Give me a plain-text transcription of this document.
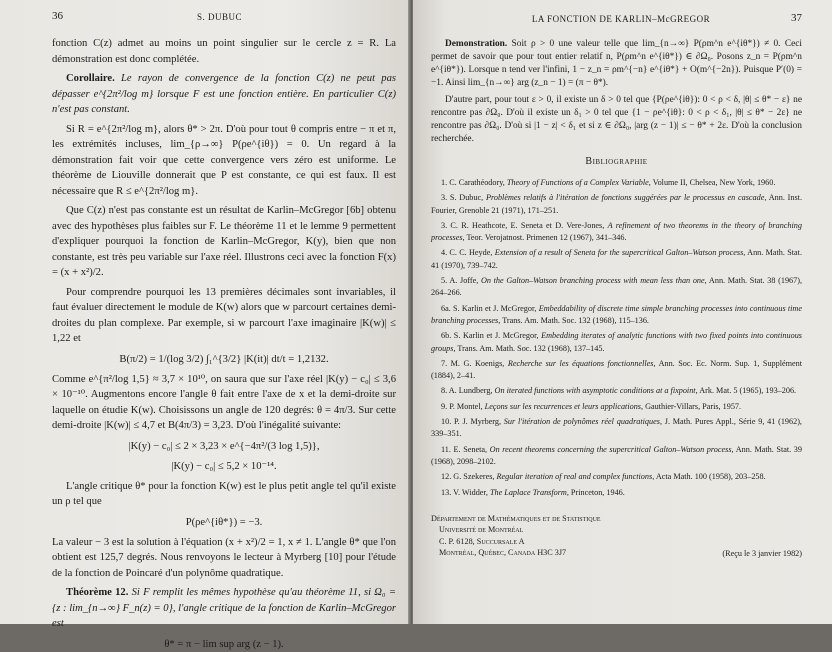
36	S. DUBUC

fonction C(z) admet au moins un point singulier sur le cercle z = R. La démonstration est donc complétée.

Corollaire. Le rayon de convergence de la fonction C(z) ne peut pas dépasser e^{2π²/log m} lorsque F est une fonction entière. En particulier C(z) n'est pas constant.

Si R = e^{2π²/log m}, alors θ* > 2π. D'où pour tout θ compris entre − π et π, les extrémités incluses, lim_{ρ→∞} P(ρe^{iθ}) = 0. Un regard à la démonstration fait voir que cette convergence vers zéro est uniforme. Le théorème de Liouville donnerait que P est constante, ce qui est faux. Il est nécessaire que R ≤ e^{2π²/log m}.

Que C(z) n'est pas constante est un résultat de Karlin–McGregor [6b] obtenu avec des hypothèses plus faibles sur F. Le théorème 11 et le lemme 9 permettent d'expliquer pourquoi la fonction de Karlin–McGregor, K(y), bien que non constante, est très peu variable sur l'axe réel. Illustrons ceci avec la fonction F(x) = (x + x²)/2.

Pour comprendre pourquoi les 13 premières décimales sont invariables, il faut évaluer directement le module de K(w) alors que w parcourt certaines demi-droites du plan complexe. Par exemple, si w parcourt l'axe imaginaire |K(w)| ≤ 1,22 et

B(π/2) = 1/(log 3/2) ∫₁^{3/2} |K(it)| dt/t = 1,2132.

Comme e^{π²/log 1,5} ≈ 3,7 × 10¹⁰, on saura que sur l'axe réel |K(y) − c₀| ≤ 3,6 × 10⁻¹⁰. Augmentons encore l'angle θ fait entre l'axe de x et la demi-droite sur laquelle on étudie K(w). Choisissons un angle de 120 degrés: θ = 4π/3. Sur cette demi-droite |K(w)| ≤ 4,7 et B(4π/3) = 3,23. D'où l'inégalité suivante:

|K(y) − c₀| ≤ 2 × 3,23 × e^{−4π²/(3 log 1,5)},
|K(y) − c₀| ≤ 5,2 × 10⁻¹⁴.

L'angle critique θ* pour la fonction K(w) est le plus petit angle tel qu'il existe un ρ tel que

P(ρe^{iθ*}) = −3.

La valeur − 3 est la solution à l'équation (x + x²)/2 = 1, x ≠ 1. L'angle θ* que l'on obtient est 125,7 degrés. Nous renvoyons le lecteur à Myrberg [10] pour l'étude de la fonction de Poincaré d'un polynôme quadratique.

Théorème 12. Si F remplit les mêmes hypothèse qu'au théorème 11, si Ω₀ = {z : lim_{n→∞} F_n(z) = 0}, l'angle critique de la fonction de Karlin–McGregor est

θ* = π − lim sup arg (z − 1).
LA FONCTION DE KARLIN–McGREGOR	37

Demonstration. Soit ρ > 0 une valeur telle que lim_{n→∞} P(ρm^n e^{iθ*}) ≠ 0. Ceci permet de savoir que pour tout entier relatif n, P(ρm^n e^{iθ*}) ∈ ∂Ω₀. Posons z_n = P(ρm^n e^{iθ*}). Lorsque n tend ver l'infini, 1 − z_n = ρm^{−n} e^{iθ*} + O(m^{−2n}). Puisque P′(0) = −1. Ainsi lim_{n→∞} arg (z_n − 1) = (π − θ*).

D'autre part, pour tout ε > 0, il existe un δ > 0 tel que {P(ρe^{iθ}): 0 < ρ < δ, |θ| ≤ θ* − ε} ne rencontre pas ∂Ω₀. D'où il existe un δ₁ > 0 tel que {1 − ρe^{iθ}: 0 < ρ < δ₁, |θ| ≤ θ* − 2ε} ne rencontre pas ∂Ω₀. D'où si |1 − z| < δ₁ et si z ∈ ∂Ω₀, |arg (z − 1)| ≤ − θ* + 2ε. D'où la conclusion recherchée.

Bibliographie

1. C. Carathéodory, Theory of Functions of a Complex Variable, Volume II, Chelsea, New York, 1960.

3. S. Dubuc, Problèmes relatifs à l'itération de fonctions suggérées par le processus en cascade, Ann. Inst. Fourier, Grenoble 21 (1971), 171–251.

3. C. R. Heathcote, E. Seneta et D. Vere-Jones, A refinement of two theorems in the theory of branching processes, Teor. Verojatnost. Primenen 12 (1967), 341–346.

4. C. C. Heyde, Extension of a result of Seneta for the supercritical Galton–Watson process, Ann. Math. Stat. 41 (1970), 739–742.

5. A. Joffe, On the Galton–Watson branching process with mean less than one, Ann. Math. Stat. 38 (1967), 264–266.

6a. S. Karlin et J. McGregor, Embeddability of discrete time simple branching processes into continuous time branching processes, Trans. Am. Math. Soc. 132 (1968), 115–136.

6b. S. Karlin et J. McGregor, Embedding iterates of analytic functions with two fixed points into continuous groups, Trans. Am. Math. Soc. 132 (1968), 137–145.

7. M. G. Koenigs, Recherche sur les équations fonctionnelles, Ann. Soc. Ec. Norm. Sup. 1, Supplément (1884), 2–41.

8. A. Lundberg, On iterated functions with asymptotic conditions at a fixpoint, Ark. Mat. 5 (1965), 193–206.

9. P. Montel, Leçons sur les recurrences et leurs applications, Gauthier-Villars, Paris, 1957.

10. P. J. Myrberg, Sur l'itération de polynômes réel quadratiques, J. Math. Pures Appl., Série 9, 41 (1962), 339–351.

11. E. Seneta, On recent theorems concerning the supercritical Galton–Watson process, Ann. Math. Stat. 39 (1968), 2098–2102.

12. G. Szekeres, Regular iteration of real and complex functions, Acta Math. 100 (1958), 203–258.

13. V. Widder, The Laplace Transform, Princeton, 1946.

Département de Mathématiques et de Statistique
Université de Montréal
C. P. 6128, Succursale A
Montréal, Québec, Canada H3C 3J7	(Reçu le 3 janvier 1982)
